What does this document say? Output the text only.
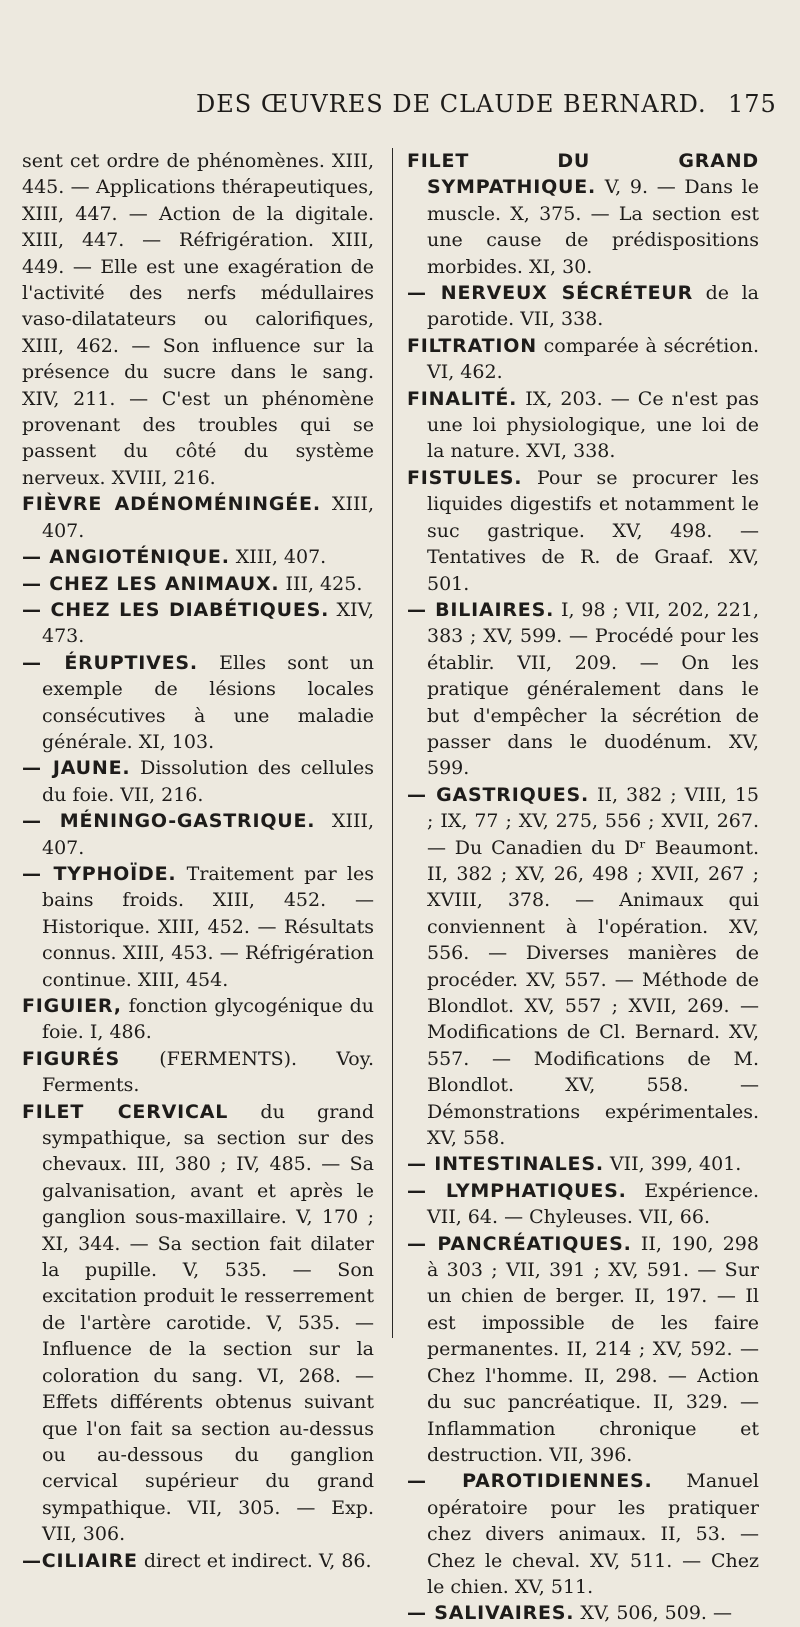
DES ŒUVRES DE CLAUDE BERNARD. 175

sent cet ordre de phénomènes. XIII, 445. — Applications thérapeutiques, XIII, 447. — Action de la digitale. XIII, 447. — Réfrigération. XIII, 449. — Elle est une exagération de l'activité des nerfs médullaires vaso-dilatateurs ou calorifiques, XIII, 462. — Son influence sur la présence du sucre dans le sang. XIV, 211. — C'est un phénomène provenant des troubles qui se passent du côté du système nerveux. XVIII, 216.

FIÈVRE ADÉNOMÉNINGÉE. XIII, 407.

— ANGIOTÉNIQUE. XIII, 407.

— CHEZ LES ANIMAUX. III, 425.

— CHEZ LES DIABÉTIQUES. XIV, 473.

— ÉRUPTIVES. Elles sont un exemple de lésions locales consécutives à une maladie générale. XI, 103.

— JAUNE. Dissolution des cellules du foie. VII, 216.

— MÉNINGO-GASTRIQUE. XIII, 407.

— TYPHOÏDE. Traitement par les bains froids. XIII, 452. — Historique. XIII, 452. — Résultats connus. XIII, 453. — Réfrigération continue. XIII, 454.

FIGUIER, fonction glycogénique du foie. I, 486.

FIGURÉS (FERMENTS). Voy. Ferments.

FILET CERVICAL du grand sympathique, sa section sur des chevaux. III, 380 ; IV, 485. — Sa galvanisation, avant et après le ganglion sous-maxillaire. V, 170 ; XI, 344. — Sa section fait dilater la pupille. V, 535. — Son excitation produit le resserrement de l'artère carotide. V, 535. — Influence de la section sur la coloration du sang. VI, 268. — Effets différents obtenus suivant que l'on fait sa section au-dessus ou au-dessous du ganglion cervical supérieur du grand sympathique. VII, 305. — Exp. VII, 306.

—CILIAIRE direct et indirect. V, 86.

FILET DU GRAND SYMPATHIQUE. V, 9. — Dans le muscle. X, 375. — La section est une cause de prédispositions morbides. XI, 30.

— NERVEUX SÉCRÉTEUR de la parotide. VII, 338.

FILTRATION comparée à sécrétion. VI, 462.

FINALITÉ. IX, 203. — Ce n'est pas une loi physiologique, une loi de la nature. XVI, 338.

FISTULES. Pour se procurer les liquides digestifs et notamment le suc gastrique. XV, 498. — Tentatives de R. de Graaf. XV, 501.

— BILIAIRES. I, 98 ; VII, 202, 221, 383 ; XV, 599. — Procédé pour les établir. VII, 209. — On les pratique généralement dans le but d'empêcher la sécrétion de passer dans le duodénum. XV, 599.

— GASTRIQUES. II, 382 ; VIII, 15 ; IX, 77 ; XV, 275, 556 ; XVII, 267. — Du Canadien du Dʳ Beaumont. II, 382 ; XV, 26, 498 ; XVII, 267 ; XVIII, 378. — Animaux qui conviennent à l'opération. XV, 556. — Diverses manières de procéder. XV, 557. — Méthode de Blondlot. XV, 557 ; XVII, 269. — Modifications de Cl. Bernard. XV, 557. — Modifications de M. Blondlot. XV, 558. — Démonstrations expérimentales. XV, 558.

— INTESTINALES. VII, 399, 401.

— LYMPHATIQUES. Expérience. VII, 64. — Chyleuses. VII, 66.

— PANCRÉATIQUES. II, 190, 298 à 303 ; VII, 391 ; XV, 591. — Sur un chien de berger. II, 197. — Il est impossible de les faire permanentes. II, 214 ; XV, 592. — Chez l'homme. II, 298. — Action du suc pancréatique. II, 329. — Inflammation chronique et destruction. VII, 396.

— PAROTIDIENNES. Manuel opératoire pour les pratiquer chez divers animaux. II, 53. — Chez le cheval. XV, 511. — Chez le chien. XV, 511.

— SALIVAIRES. XV, 506, 509. —
